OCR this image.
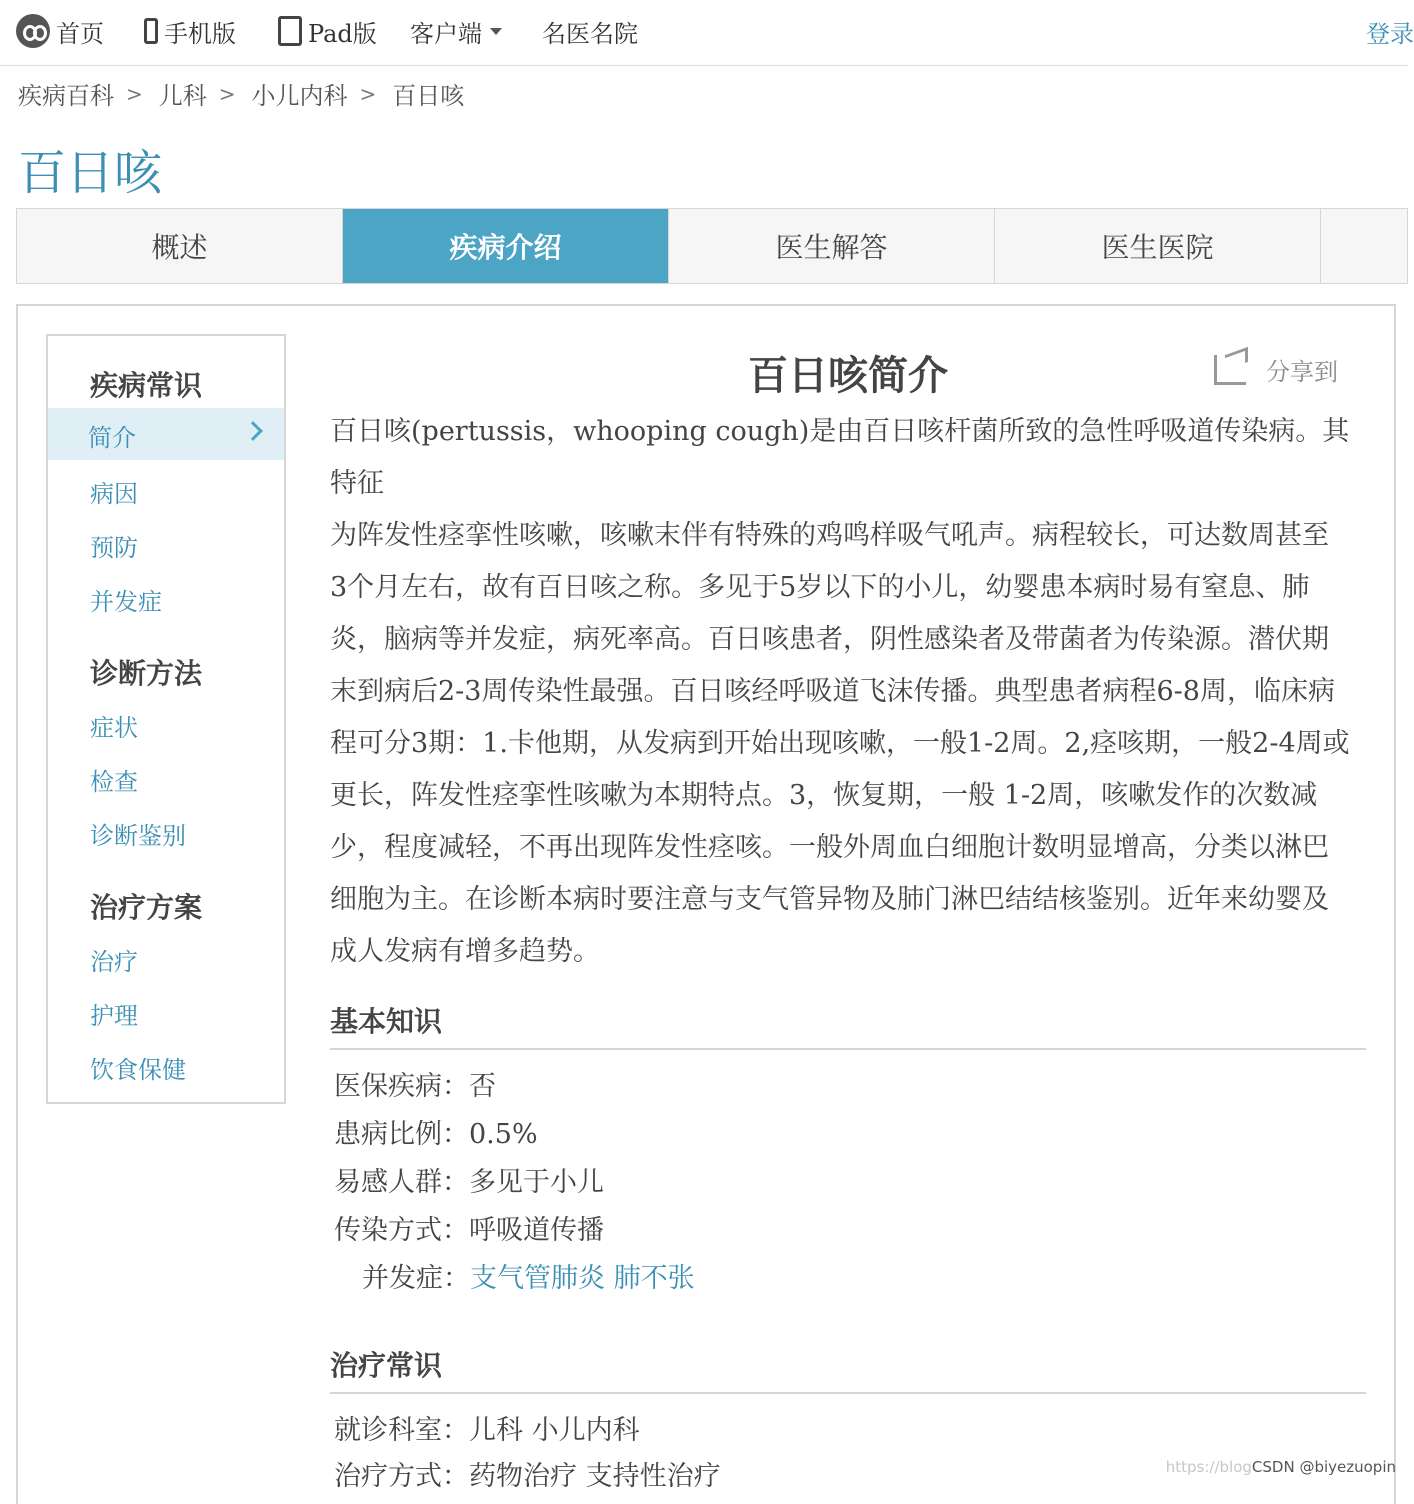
首页	手机版	Pad版 客户端	名医名院	登录
疾病百科 > 儿科 > 小儿内科 > 百日咳
百日咳
概述	疾病介绍	医生解答	医生医院
疾病常识
简介
病因
预防
并发症
诊断方法
症状
检查
诊断鉴别
治疗方案
治疗
护理
饮食保健
百日咳简介	分享到
百日咳(pertussis，whooping cough)是由百日咳杆菌所致的急性呼吸道传染病。其特征
为阵发性痉挛性咳嗽，咳嗽末伴有特殊的鸡鸣样吸气吼声。病程较长，可达数周甚至
3个月左右，故有百日咳之称。多见于5岁以下的小儿，幼婴患本病时易有窒息、肺
炎，脑病等并发症，病死率高。百日咳患者，阴性感染者及带菌者为传染源。潜伏期
末到病后2-3周传染性最强。百日咳经呼吸道飞沫传播。典型患者病程6-8周，临床病
程可分3期：1.卡他期，从发病到开始出现咳嗽，一般1-2周。2,痉咳期，一般2-4周或
更长，阵发性痉挛性咳嗽为本期特点。3，恢复期，一般 1-2周，咳嗽发作的次数减
少，程度减轻，不再出现阵发性痉咳。一般外周血白细胞计数明显增高，分类以淋巴
细胞为主。在诊断本病时要注意与支气管异物及肺门淋巴结结核鉴别。近年来幼婴及
成人发病有增多趋势。
基本知识
医保疾病：否
患病比例：0.5%
易感人群：多见于小儿
传染方式：呼吸道传播
并发症：支气管肺炎 肺不张
治疗常识
就诊科室：儿科 小儿内科
治疗方式：药物治疗 支持性治疗	https://blogCSDN @biyezuopin
